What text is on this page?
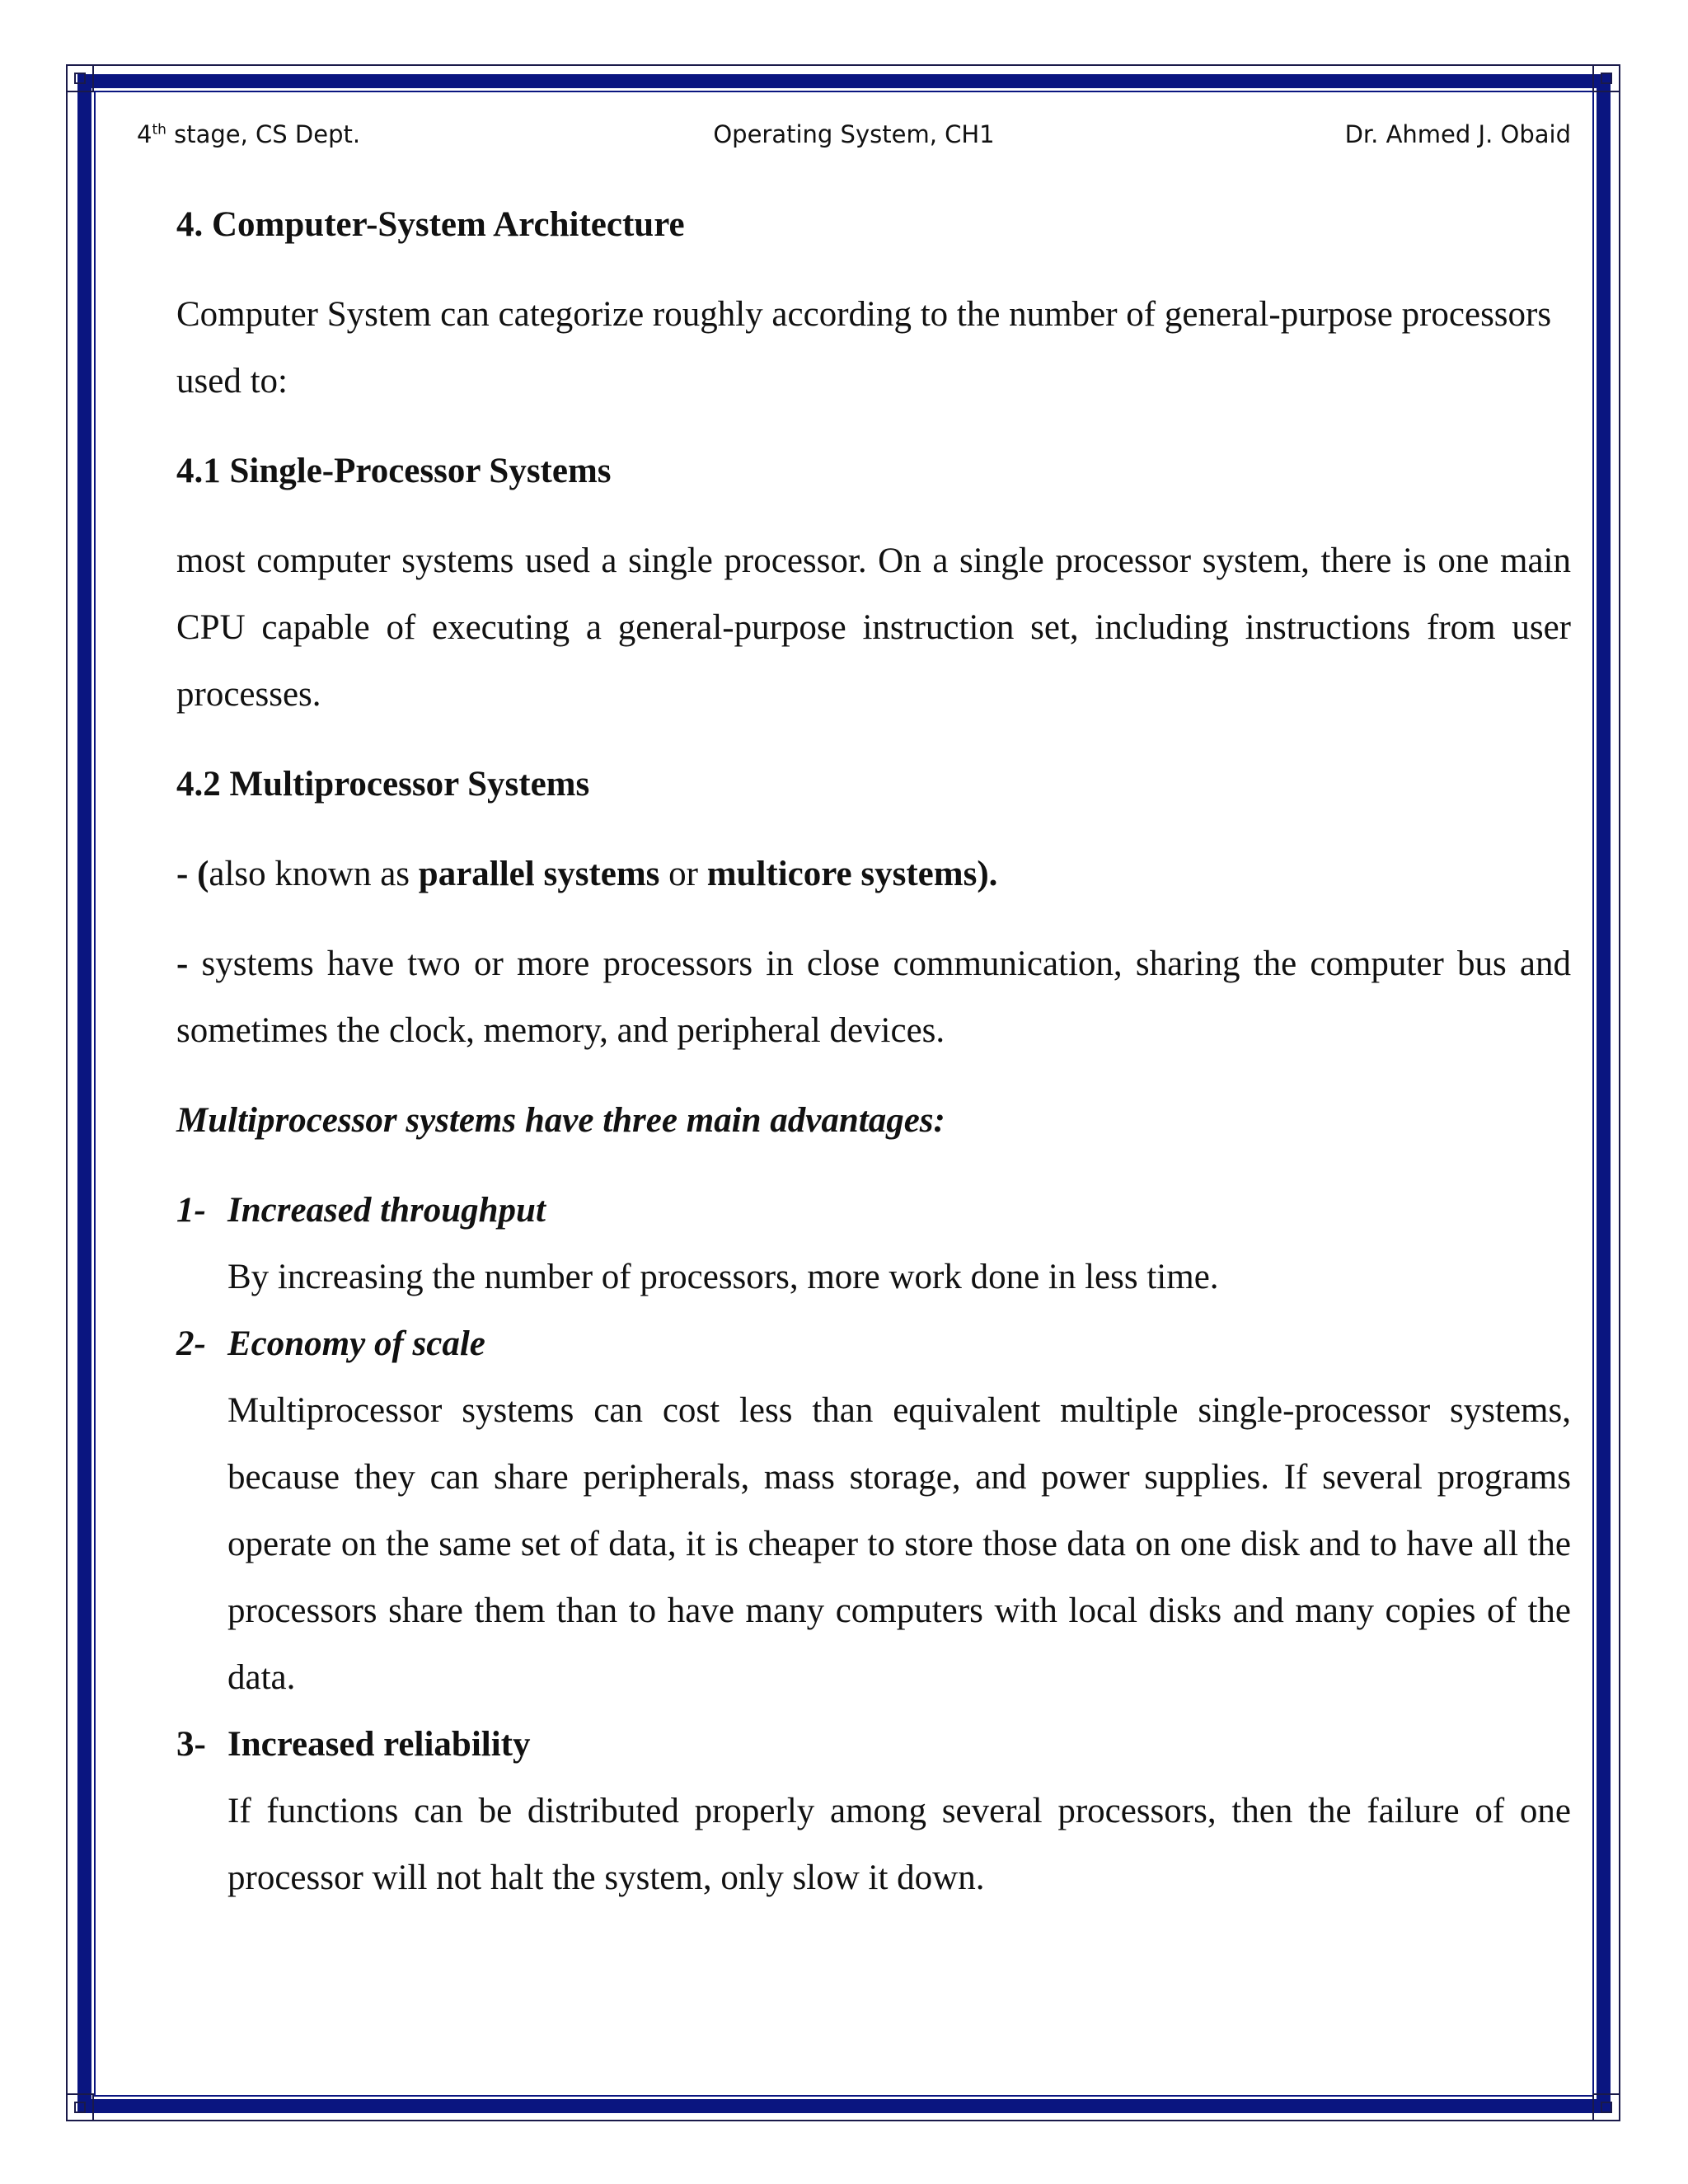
4th stage, CS Dept.	Operating System, CH1	Dr. Ahmed J. Obaid

4. Computer-System Architecture

Computer System can categorize roughly according to the number of general-purpose processors used to:

4.1 Single-Processor Systems

most computer systems used a single processor. On a single processor system, there is one main CPU capable of executing a general-purpose instruction set, including instructions from user processes.

4.2 Multiprocessor Systems

- (also known as parallel systems or multicore systems).

- systems have two or more processors in close communication, sharing the computer bus and sometimes the clock, memory, and peripheral devices.

Multiprocessor systems have three main advantages:

1- Increased throughput

By increasing the number of processors, more work done in less time.

2- Economy of scale

Multiprocessor systems can cost less than equivalent multiple single-processor systems, because they can share peripherals, mass storage, and power supplies. If several programs operate on the same set of data, it is cheaper to store those data on one disk and to have all the processors share them than to have many computers with local disks and many copies of the data.

3- Increased reliability

If functions can be distributed properly among several processors, then the failure of one processor will not halt the system, only slow it down.
